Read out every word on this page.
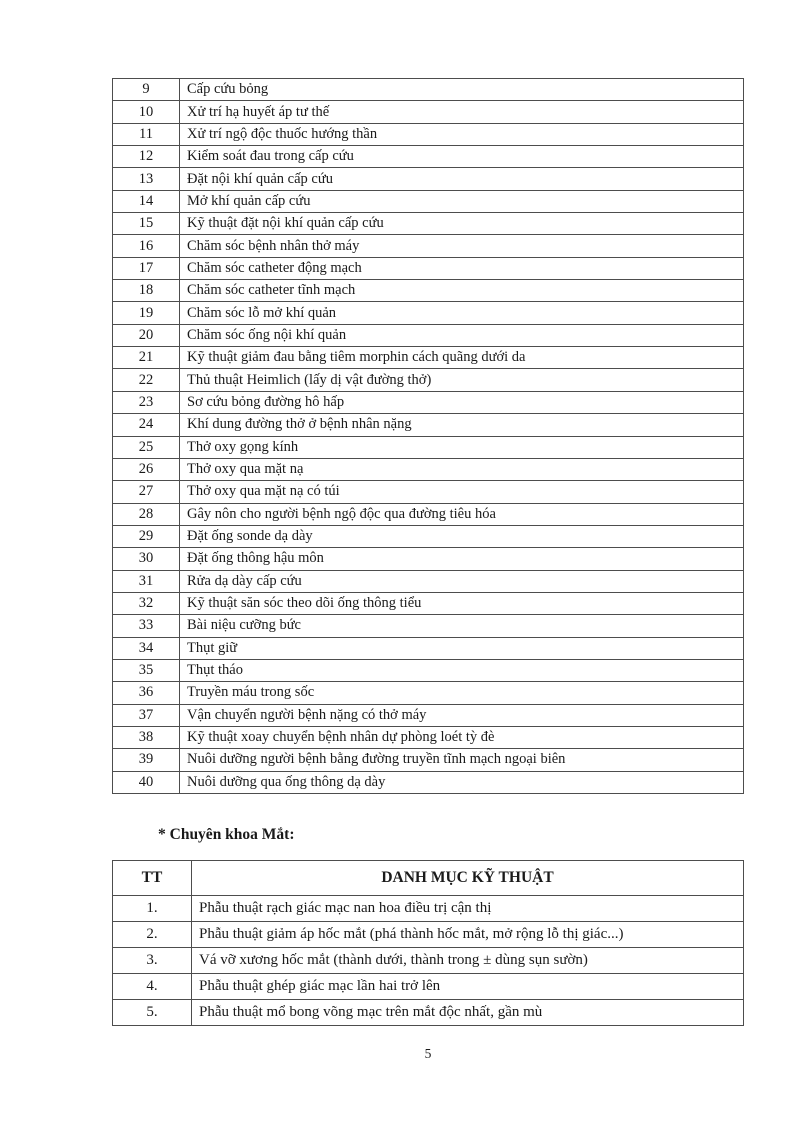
9	Cấp cứu bỏng
10	Xử trí hạ huyết áp tư thế
11	Xử trí ngộ độc thuốc hướng thần
12	Kiểm soát đau trong cấp cứu
13	Đặt nội khí quản cấp cứu
14	Mở khí quản cấp cứu
15	Kỹ thuật đặt nội khí quản cấp cứu
16	Chăm sóc bệnh nhân thở máy
17	Chăm sóc catheter động mạch
18	Chăm sóc catheter tĩnh mạch
19	Chăm sóc lỗ mở khí quản
20	Chăm sóc ống nội khí quản
21	Kỹ thuật giảm đau bằng tiêm morphin cách quãng dưới da
22	Thủ thuật Heimlich (lấy dị vật đường thở)
23	Sơ cứu bỏng đường hô hấp
24	Khí dung đường thở ở bệnh nhân nặng
25	Thở oxy gọng kính
26	Thở oxy qua mặt nạ
27	Thở oxy qua mặt nạ có túi
28	Gây nôn cho người bệnh ngộ độc qua đường tiêu hóa
29	Đặt ống sonde dạ dày
30	Đặt ống thông hậu môn
31	Rửa dạ dày cấp cứu
32	Kỹ thuật săn sóc theo dõi ống thông tiểu
33	Bài niệu cưỡng bức
34	Thụt giữ
35	Thụt tháo
36	Truyền máu trong sốc
37	Vận chuyển người bệnh nặng có thở máy
38	Kỹ thuật xoay chuyển bệnh nhân dự phòng loét tỳ đè
39	Nuôi dưỡng người bệnh bằng đường truyền tĩnh mạch ngoại biên
40	Nuôi dưỡng qua ống thông dạ dày
* Chuyên khoa Mắt:
TT	DANH MỤC KỸ THUẬT
1.	Phẫu thuật rạch giác mạc nan hoa điều trị cận thị
2.	Phẫu thuật giảm áp hốc mắt (phá thành hốc mắt, mở rộng lỗ thị giác...)
3.	Vá vỡ xương hốc mắt (thành dưới, thành trong ± dùng sụn sườn)
4.	Phẫu thuật ghép giác mạc lần hai trở lên
5.	Phẫu thuật mổ bong võng mạc trên mắt độc nhất, gần mù
5
